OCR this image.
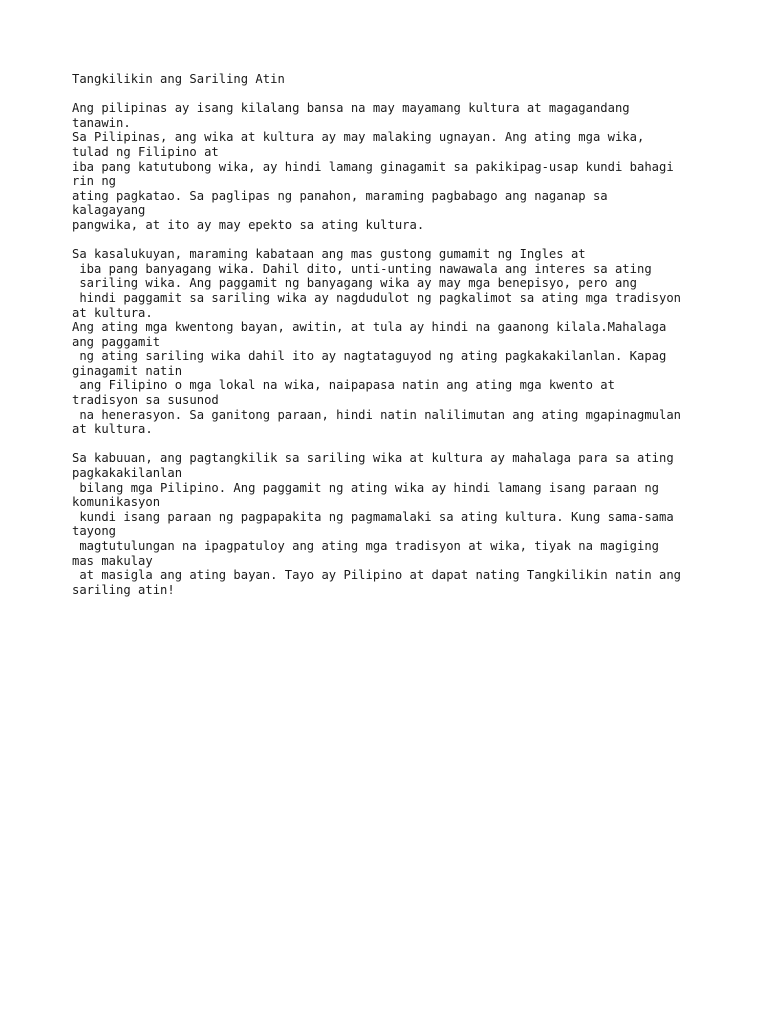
Tangkilikin ang Sariling Atin
Ang pilipinas ay isang kilalang bansa na may mayamang kultura at magagandang
tanawin.
Sa Pilipinas, ang wika at kultura ay may malaking ugnayan. Ang ating mga wika,
tulad ng Filipino at
iba pang katutubong wika, ay hindi lamang ginagamit sa pakikipag-usap kundi bahagi
rin ng
ating pagkatao. Sa paglipas ng panahon, maraming pagbabago ang naganap sa
kalagayang
pangwika, at ito ay may epekto sa ating kultura.
Sa kasalukuyan, maraming kabataan ang mas gustong gumamit ng Ingles at
iba pang banyagang wika. Dahil dito, unti-unting nawawala ang interes sa ating
sariling wika. Ang paggamit ng banyagang wika ay may mga benepisyo, pero ang
hindi paggamit sa sariling wika ay nagdudulot ng pagkalimot sa ating mga tradisyon
at kultura.
Ang ating mga kwentong bayan, awitin, at tula ay hindi na gaanong kilala.Mahalaga
ang paggamit
ng ating sariling wika dahil ito ay nagtataguyod ng ating pagkakakilanlan. Kapag
ginagamit natin
ang Filipino o mga lokal na wika, naipapasa natin ang ating mga kwento at
tradisyon sa susunod
na henerasyon. Sa ganitong paraan, hindi natin nalilimutan ang ating mgapinagmulan
at kultura.
Sa kabuuan, ang pagtangkilik sa sariling wika at kultura ay mahalaga para sa ating
pagkakakilanlan
bilang mga Pilipino. Ang paggamit ng ating wika ay hindi lamang isang paraan ng
komunikasyon
kundi isang paraan ng pagpapakita ng pagmamalaki sa ating kultura. Kung sama-sama
tayong
magtutulungan na ipagpatuloy ang ating mga tradisyon at wika, tiyak na magiging
mas makulay
at masigla ang ating bayan. Tayo ay Pilipino at dapat nating Tangkilikin natin ang
sariling atin!
